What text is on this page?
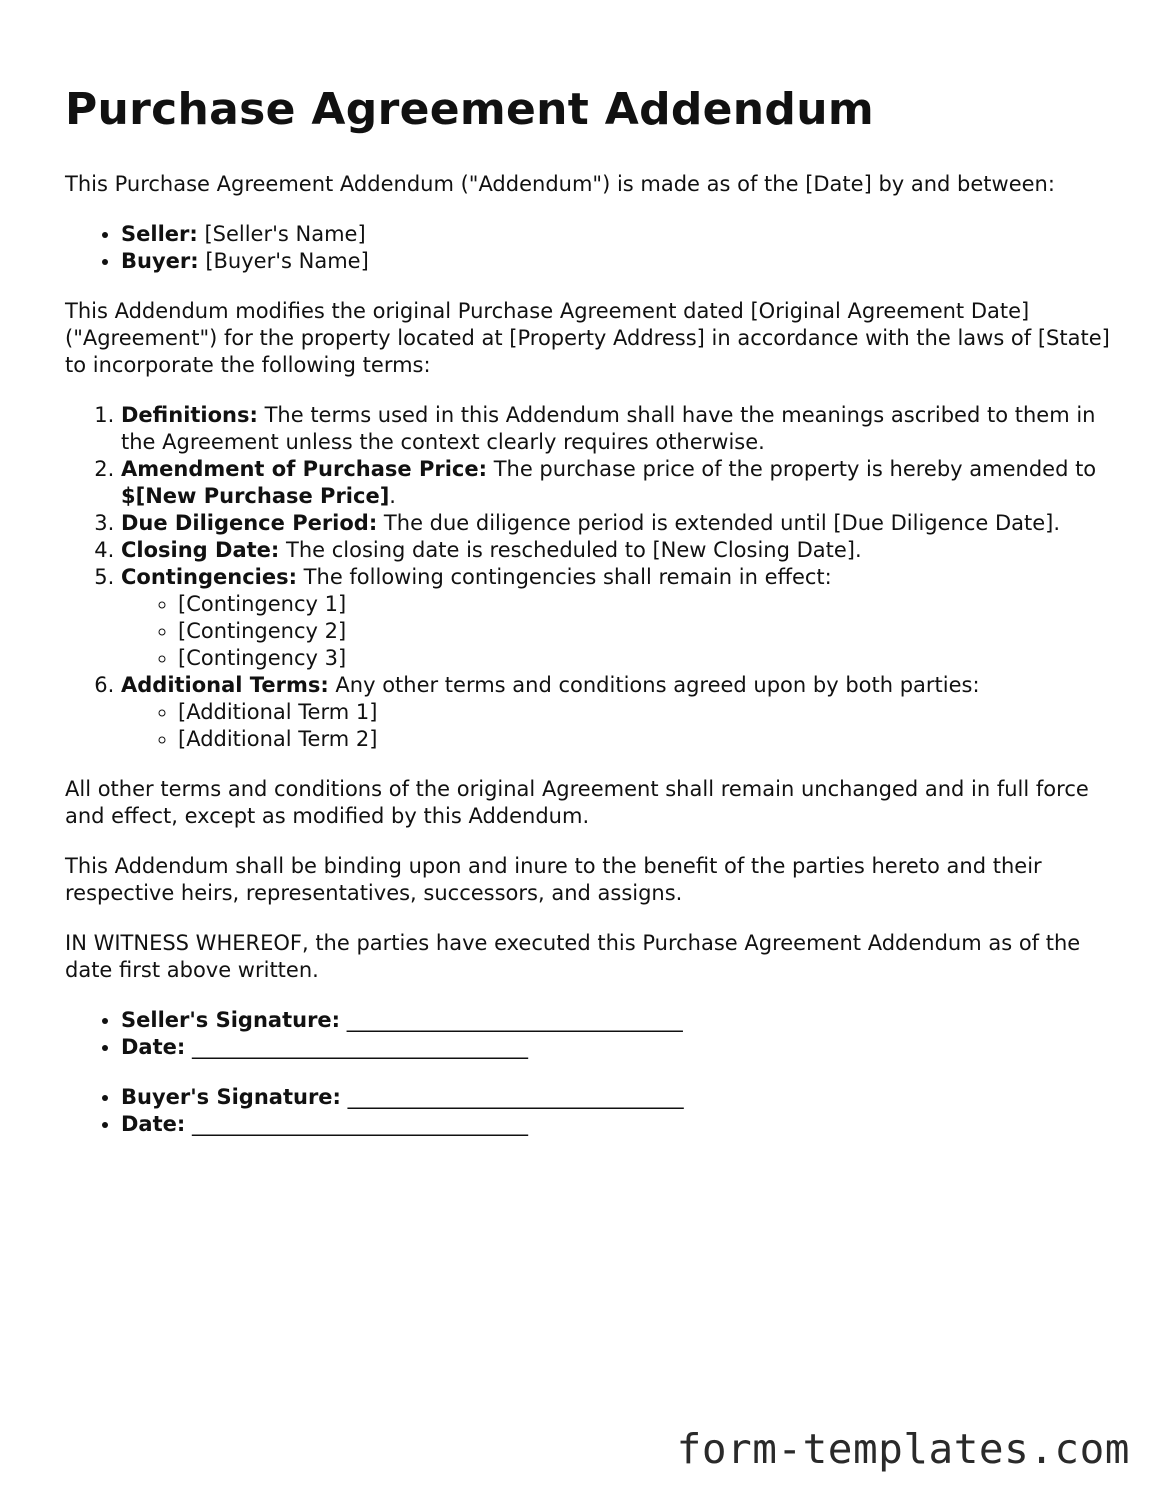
Purchase Agreement Addendum

This Purchase Agreement Addendum ("Addendum") is made as of the [Date] by and between:

• Seller: [Seller's Name]
• Buyer: [Buyer's Name]

This Addendum modifies the original Purchase Agreement dated [Original Agreement Date] ("Agreement") for the property located at [Property Address] in accordance with the laws of [State] to incorporate the following terms:

1. Definitions: The terms used in this Addendum shall have the meanings ascribed to them in the Agreement unless the context clearly requires otherwise.
2. Amendment of Purchase Price: The purchase price of the property is hereby amended to $[New Purchase Price].
3. Due Diligence Period: The due diligence period is extended until [Due Diligence Date].
4. Closing Date: The closing date is rescheduled to [New Closing Date].
5. Contingencies: The following contingencies shall remain in effect:
◦ [Contingency 1]
◦ [Contingency 2]
◦ [Contingency 3]
6. Additional Terms: Any other terms and conditions agreed upon by both parties:
◦ [Additional Term 1]
◦ [Additional Term 2]

All other terms and conditions of the original Agreement shall remain unchanged and in full force and effect, except as modified by this Addendum.

This Addendum shall be binding upon and inure to the benefit of the parties hereto and their respective heirs, representatives, successors, and assigns.

IN WITNESS WHEREOF, the parties have executed this Purchase Agreement Addendum as of the date first above written.

• Seller's Signature: ________________________________
• Date: ________________________________
• Buyer's Signature: ________________________________
• Date: ________________________________
form-templates.com
